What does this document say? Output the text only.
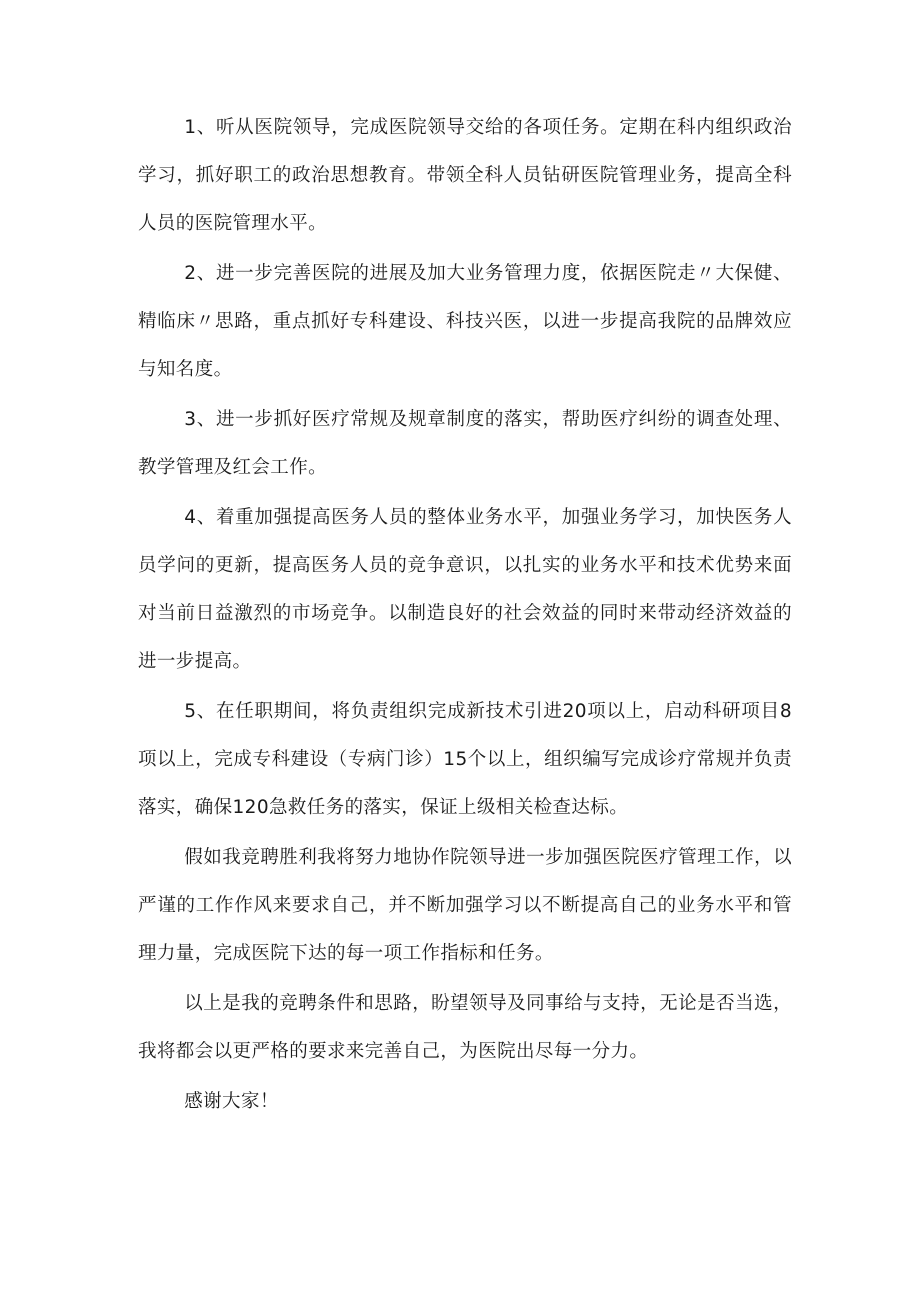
1、听从医院领导，完成医院领导交给的各项任务。定期在科内组织政治学习，抓好职工的政治思想教育。带领全科人员钻研医院管理业务，提高全科人员的医院管理水平。

2、进一步完善医院的进展及加大业务管理力度，依据医院走〃大保健、精临床〃思路，重点抓好专科建设、科技兴医，以进一步提高我院的品牌效应与知名度。

3、进一步抓好医疗常规及规章制度的落实，帮助医疗纠纷的调查处理、教学管理及红会工作。

4、着重加强提高医务人员的整体业务水平，加强业务学习，加快医务人员学问的更新，提高医务人员的竞争意识，以扎实的业务水平和技术优势来面对当前日益激烈的市场竞争。以制造良好的社会效益的同时来带动经济效益的进一步提高。

5、在任职期间，将负责组织完成新技术引进20项以上，启动科研项目8项以上，完成专科建设（专病门诊）15个以上，组织编写完成诊疗常规并负责落实，确保120急救任务的落实，保证上级相关检查达标。

假如我竞聘胜利我将努力地协作院领导进一步加强医院医疗管理工作，以严谨的工作作风来要求自己，并不断加强学习以不断提高自己的业务水平和管理力量，完成医院下达的每一项工作指标和任务。

以上是我的竞聘条件和思路，盼望领导及同事给与支持，无论是否当选，我将都会以更严格的要求来完善自己，为医院出尽每一分力。

感谢大家！
